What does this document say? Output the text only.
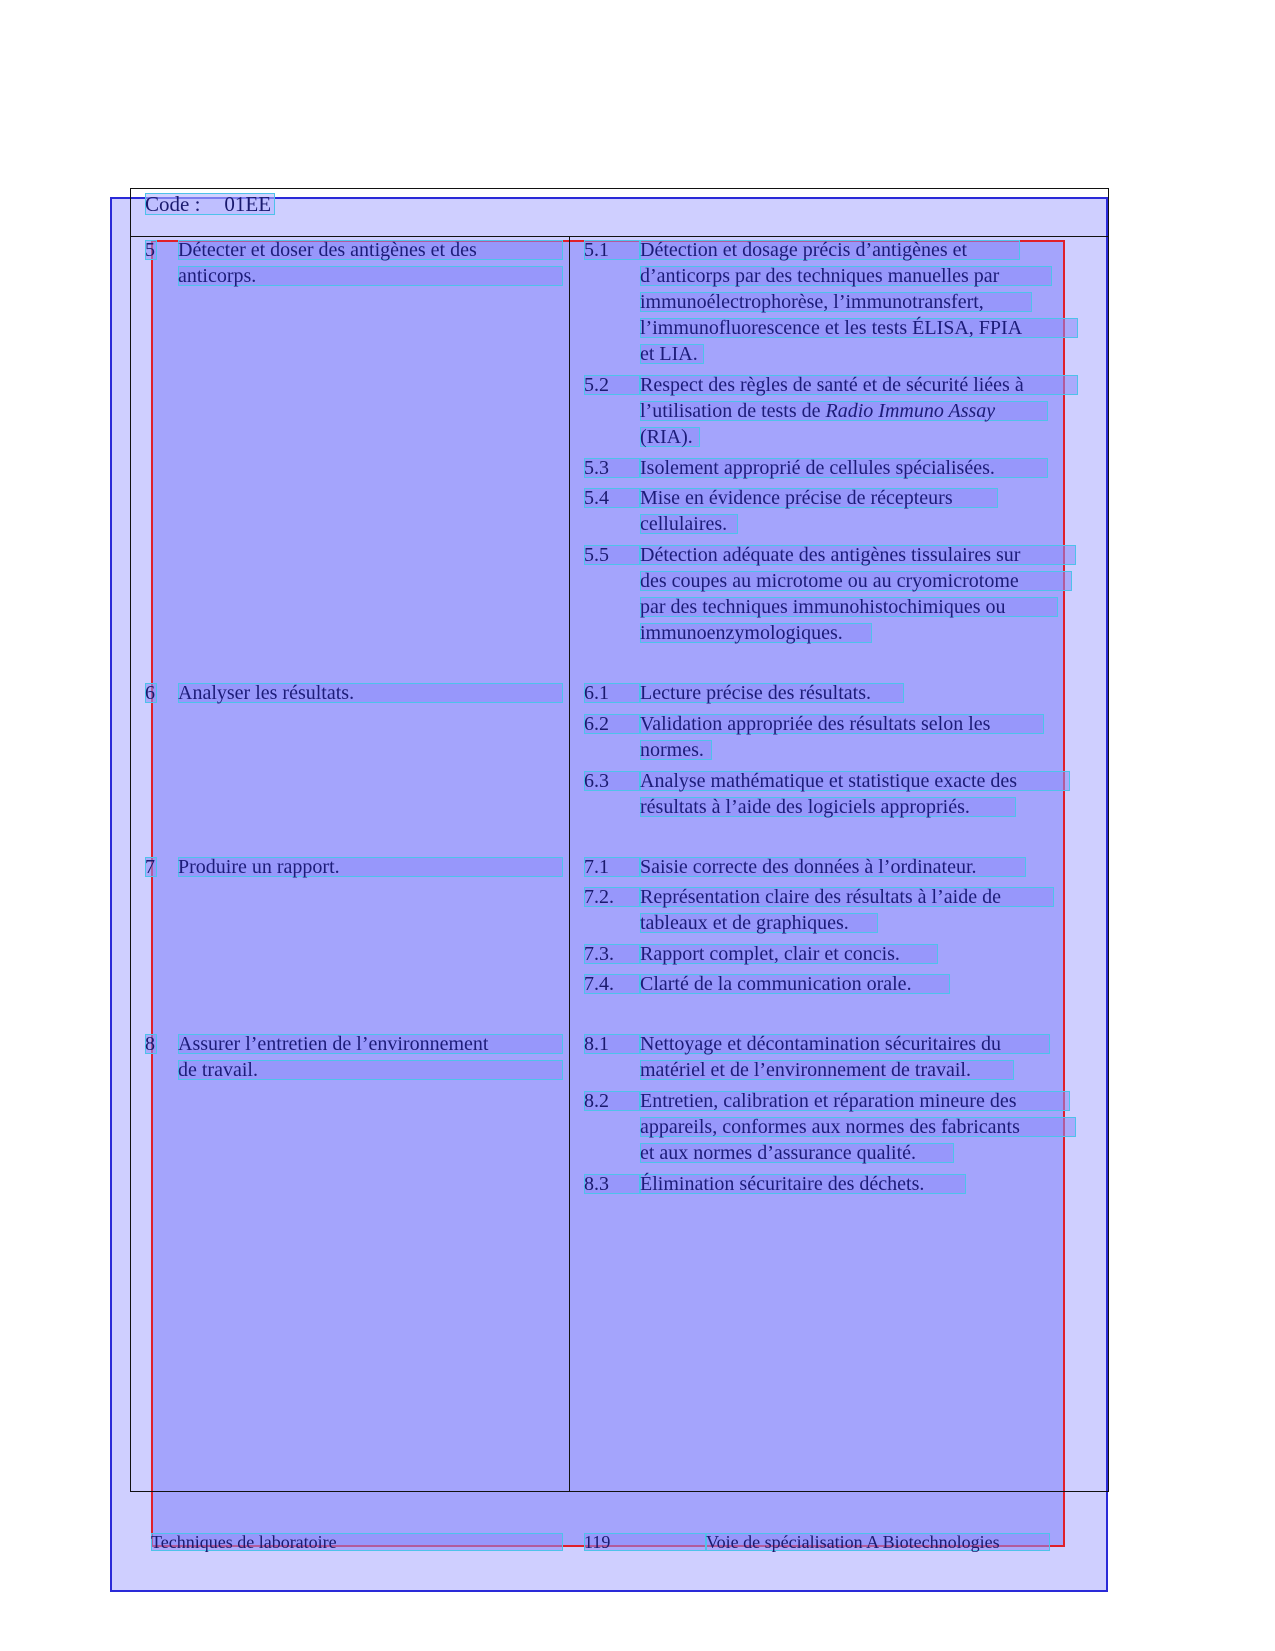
Code : 01EE
5 Détecter et doser des antigènes et des
anticorps.
5.1	Détection et dosage précis d’antigènes et
d’anticorps par des techniques manuelles par
immunoélectrophorèse, l’immunotransfert,
l’immunofluorescence et les tests ÉLISA, FPIA
et LIA.
5.2	Respect des règles de santé et de sécurité liées à
l’utilisation de tests de Radio Immuno Assay
(RIA).
5.3	Isolement approprié de cellules spécialisées.
5.4	Mise en évidence précise de récepteurs
cellulaires.
5.5	Détection adéquate des antigènes tissulaires sur
des coupes au microtome ou au cryomicrotome
par des techniques immunohistochimiques ou
immunoenzymologiques.
6 Analyser les résultats.	6.1	Lecture précise des résultats.
6.2	Validation appropriée des résultats selon les
normes.
6.3	Analyse mathématique et statistique exacte des
résultats à l’aide des logiciels appropriés.
7 Produire un rapport.	7.1	Saisie correcte des données à l’ordinateur.
7.2.	Représentation claire des résultats à l’aide de
tableaux et de graphiques.
7.3.	Rapport complet, clair et concis.
7.4.	Clarté de la communication orale.
8 Assurer l’entretien de l’environnement
de travail.
8.1	Nettoyage et décontamination sécuritaires du
matériel et de l’environnement de travail.
8.2	Entretien, calibration et réparation mineure des
appareils, conformes aux normes des fabricants
et aux normes d’assurance qualité.
8.3	Élimination sécuritaire des déchets.
Techniques de laboratoire	119	Voie de spécialisation A Biotechnologies
